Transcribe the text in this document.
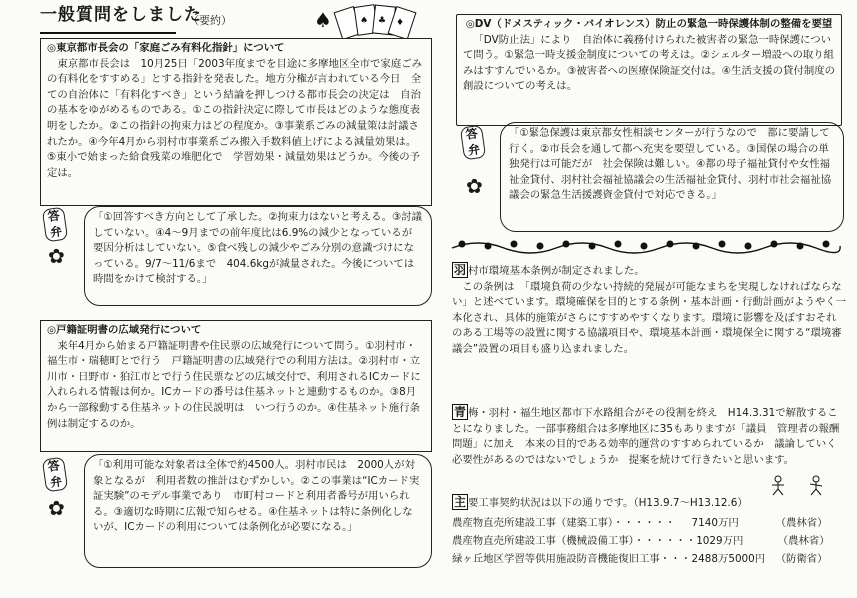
一般質問をしました
（要約）	♠	♠ ♣ ♦
◎東京都市長会の「家庭ごみ有料化指針」について

東京都市長会は　10月25日「2003年度までを目途に多摩地区全市で家庭ごみの有料化をすすめる」とする指針を発表した。地方分権が言われている今日　全ての自治体に「有料化すべき」という結論を押しつける都市長会の決定は　自治の基本をゆがめるものである。①この指針決定に際して市長はどのような態度表明をしたか。②この指針の拘束力はどの程度か。③事業系ごみの減量策は討議されたか。④今年4月から羽村市事業系ごみ搬入手数料値上げによる減量効果は。⑤東小で始まった給食残菜の堆肥化で　学習効果・減量効果はどうか。今後の予定は。

答弁
✿
「①回答すべき方向として了承した。②拘束力はないと考える。③討議していない。④4～9月までの前年度比は6.9%の減少となっているが　要因分析はしていない。⑤食べ残しの減少やごみ分別の意識づけになっている。9/7～11/6まで　404.6kgが減量された。今後については時間をかけて検討する。」
◎戸籍証明書の広域発行について

来年4月から始まる戸籍証明書や住民票の広域発行について問う。①羽村市・福生市・瑞穂町とで行う　戸籍証明書の広域発行での利用方法は。②羽村市・立川市・日野市・狛江市とで行う住民票などの広域交付で、利用されるICカードに入れられる情報は何か。ICカードの番号は住基ネットと連動するものか。③8月から一部稼動する住基ネットの住民説明は　いつ行うのか。④住基ネット施行条例は制定するのか。

答弁
✿
「①利用可能な対象者は全体で約4500人。羽村市民は　2000人が対象となるが　利用者数の推計はむずかしい。②この事業は“ICカード実証実験”のモデル事業であり　市町村コードと利用者番号が用いられる。③適切な時期に広報で知らせる。④住基ネットは特に条例化しないが、ICカードの利用については条例化が必要になる。」
◎DV（ドメスティック・バイオレンス）防止の緊急一時保護体制の整備を要望

「DV防止法」により　自治体に義務付けられた被害者の緊急一時保護について問う。①緊急一時支援金制度についての考えは。②シェルター増設への取り組みはすすんでいるか。③被害者への医療保険証交付は。④生活支援の貸付制度の創設についての考えは。

答弁
✿
「①緊急保護は東京都女性相談センターが行うなので　都に要請して行く。②市長会を通して都へ充実を要望している。③国保の場合の単独発行は可能だが　社会保険は難しい。④都の母子福祉貸付や女性福祉金貸付、羽村社会福祉協議会の生活福祉金貸付、羽村市社会福祉協議会の緊急生活援護資金貸付で対応できる。」

羽 村市環境基本条例が制定されました。

この条例は　「環境負荷の少ない持続的発展が可能なまちを実現しなければならない」と述べています。環境確保を目的とする条例・基本計画・行動計画がようやく一本化され、具体的施策がさらにすすめやすくなります。環境に影響を及ぼすおそれのある工場等の設置に関する協議項目や、環境基本計画・環境保全に関する“環境審議会”設置の項目も盛り込まれました。

青 梅・羽村・福生地区都市下水路組合がその役割を終え　H14.3.31で解散することになりました。一部事務組合は多摩地区に35もありますが「議員　管理者の報酬問題」に加え　本来の目的である効率的運営のすすめられているか　議論していく必要性があるのではないでしょうか　提案を続けて行きたいと思います。

主 要工事契約状況は以下の通りです。（H13.9.7～H13.12.6）

農産物直売所建設工事（建築工事）・・・・・・	7140万円	（農林省）
農産物直売所建設工事（機械設備工事）・・・・・・ 1029万円	（農林省）
緑ヶ丘地区学習等供用施設防音機能復旧工事・・・ 2488万5000円 （防衛省）
